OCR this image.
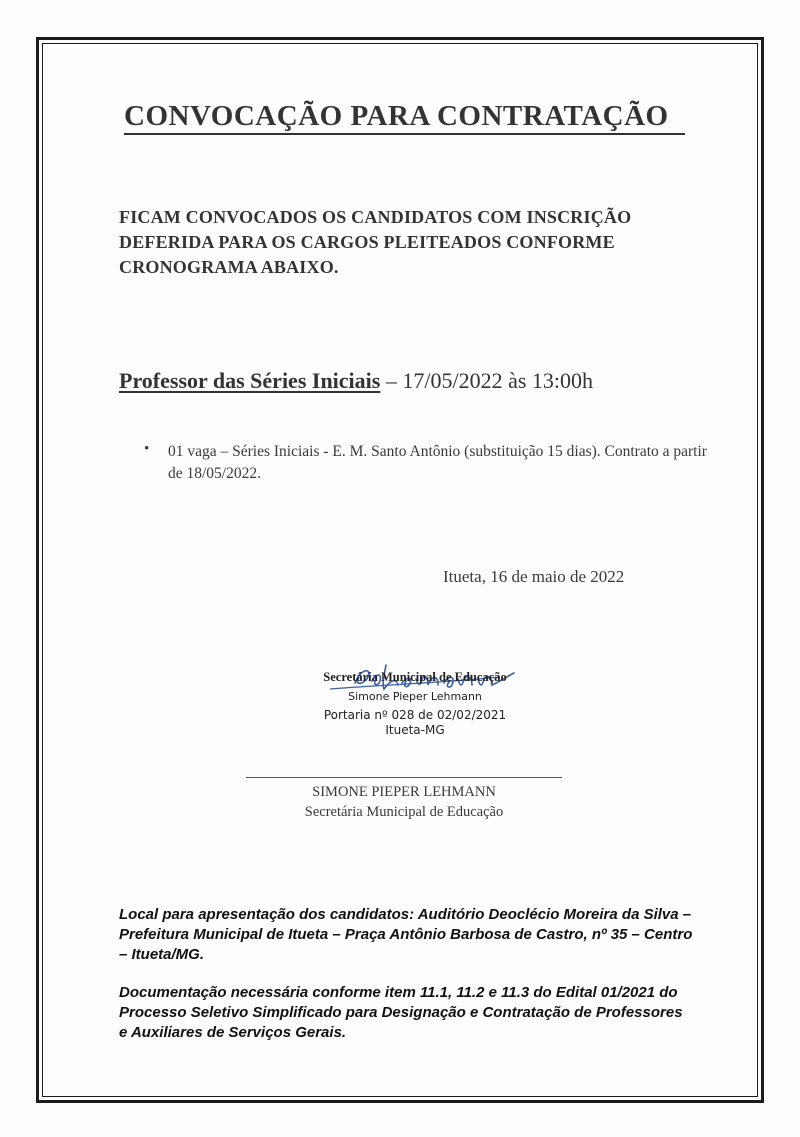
CONVOCAÇÃO PARA CONTRATAÇÃO
FICAM CONVOCADOS OS CANDIDATOS COM INSCRIÇÃO DEFERIDA PARA OS CARGOS PLEITEADOS CONFORME CRONOGRAMA ABAIXO.
Professor das Séries Iniciais – 17/05/2022 às 13:00h
• 01 vaga – Séries Iniciais - E. M. Santo Antônio (substituição 15 dias). Contrato a partir de 18/05/2022.
Itueta, 16 de maio de 2022
Secretária Municipal de Educação
Simone Pieper Lehmann
Portaria nº 028 de 02/02/2021
Itueta-MG
SIMONE PIEPER LEHMANN
Secretária Municipal de Educação

Local para apresentação dos candidatos: Auditório Deoclécio Moreira da Silva – Prefeitura Municipal de Itueta – Praça Antônio Barbosa de Castro, nº 35 – Centro – Itueta/MG.

Documentação necessária conforme item 11.1, 11.2 e 11.3 do Edital 01/2021 do Processo Seletivo Simplificado para Designação e Contratação de Professores e Auxiliares de Serviços Gerais.
